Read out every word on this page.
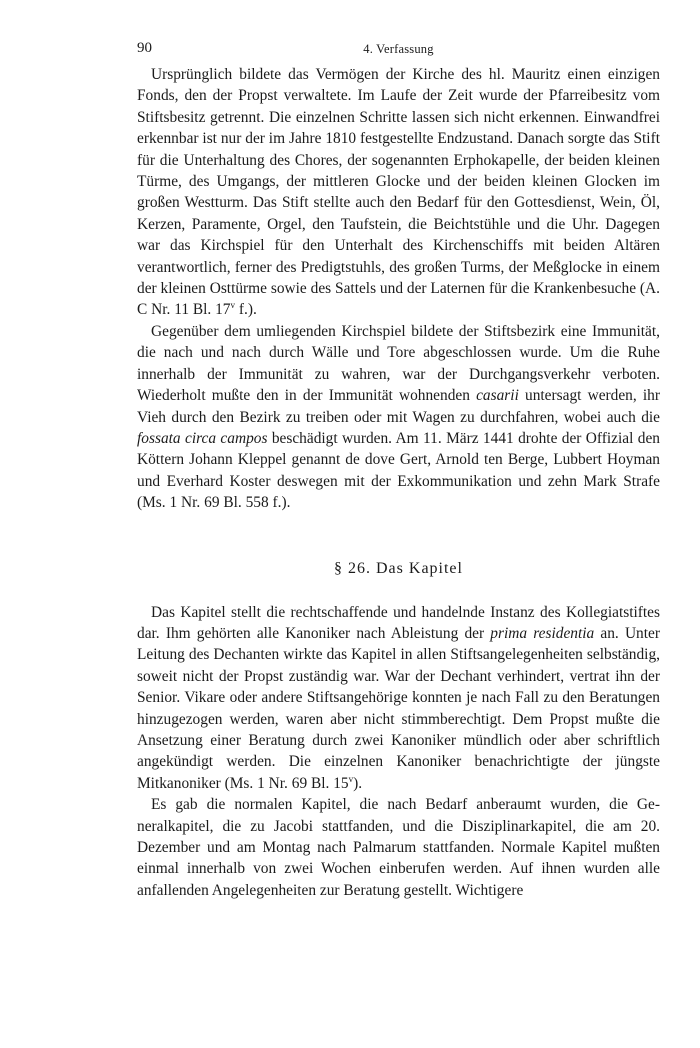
90	4. Verfassung

Ursprünglich bildete das Vermögen der Kirche des hl. Mauritz einen einzigen Fonds, den der Propst verwaltete. Im Laufe der Zeit wurde der Pfarreibesitz vom Stiftsbesitz getrennt. Die einzelnen Schritte lassen sich nicht erkennen. Einwandfrei erkennbar ist nur der im Jahre 1810 festgestellte Endzustand. Danach sorgte das Stift für die Unterhaltung des Chores, der sogenannten Erphokapelle, der beiden kleinen Türme, des Umgangs, der mittleren Glocke und der beiden kleinen Glocken im großen Westturm. Das Stift stellte auch den Bedarf für den Gottesdienst, Wein, Öl, Kerzen, Paramente, Orgel, den Taufstein, die Beichtstühle und die Uhr. Dagegen war das Kirchspiel für den Unterhalt des Kirchenschiffs mit beiden Altären verantwortlich, ferner des Predigtstuhls, des großen Turms, der Meßglocke in einem der kleinen Osttürme sowie des Sattels und der Laternen für die Krankenbesuche (A. C Nr. 11 Bl. 17$^v$ f.).

Gegenüber dem umliegenden Kirchspiel bildete der Stiftsbezirk eine Immunität, die nach und nach durch Wälle und Tore abgeschlossen wurde. Um die Ruhe innerhalb der Immunität zu wahren, war der Durchgangsverkehr verboten. Wiederholt mußte den in der Immunität wohnenden casarii untersagt werden, ihr Vieh durch den Bezirk zu treiben oder mit Wagen zu durchfahren, wobei auch die fossata circa campos beschädigt wurden. Am 11. März 1441 drohte der Offizial den Köttern Johann Kleppel genannt de dove Gert, Arnold ten Berge, Lubbert Hoyman und Everhard Koster deswegen mit der Exkommunikation und zehn Mark Strafe (Ms. 1 Nr. 69 Bl. 558 f.).

§ 26. Das Kapitel

Das Kapitel stellt die rechtschaffende und handelnde Instanz des Kollegiatstiftes dar. Ihm gehörten alle Kanoniker nach Ableistung der prima residentia an. Unter Leitung des Dechanten wirkte das Kapitel in allen Stiftsangelegenheiten selbständig, soweit nicht der Propst zuständig war. War der Dechant verhindert, vertrat ihn der Senior. Vikare oder andere Stiftsangehörige konnten je nach Fall zu den Beratungen hinzugezogen werden, waren aber nicht stimmberechtigt. Dem Propst mußte die Ansetzung einer Beratung durch zwei Kanoniker mündlich oder aber schriftlich angekündigt werden. Die einzelnen Kanoniker benachrichtigte der jüngste Mitkanoniker (Ms. 1 Nr. 69 Bl. 15$^v$).

Es gab die normalen Kapitel, die nach Bedarf anberaumt wurden, die Generalkapitel, die zu Jacobi stattfanden, und die Disziplinarkapitel, die am 20. Dezember und am Montag nach Palmarum stattfanden. Normale Kapitel mußten einmal innerhalb von zwei Wochen einberufen werden. Auf ihnen wurden alle anfallenden Angelegenheiten zur Beratung gestellt. Wichtigere
